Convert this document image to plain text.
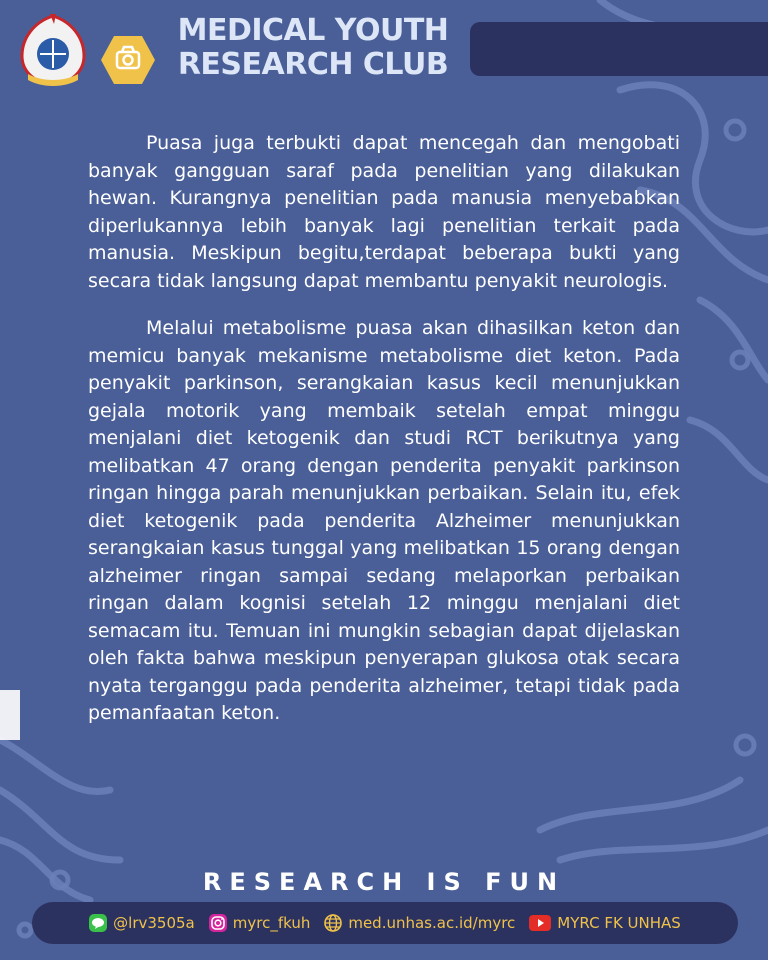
MEDICAL YOUTH
RESEARCH CLUB

Puasa juga terbukti dapat mencegah dan mengobati banyak gangguan saraf pada penelitian yang dilakukan hewan. Kurangnya penelitian pada manusia menyebabkan diperlukannya lebih banyak lagi penelitian terkait pada manusia. Meskipun begitu,terdapat beberapa bukti yang secara tidak langsung dapat membantu penyakit neurologis.

Melalui metabolisme puasa akan dihasilkan keton dan memicu banyak mekanisme metabolisme diet keton. Pada penyakit parkinson, serangkaian kasus kecil menunjukkan gejala motorik yang membaik setelah empat minggu menjalani diet ketogenik dan studi RCT berikutnya yang melibatkan 47 orang dengan penderita penyakit parkinson ringan hingga parah menunjukkan perbaikan. Selain itu, efek diet ketogenik pada penderita Alzheimer menunjukkan serangkaian kasus tunggal yang melibatkan 15 orang dengan alzheimer ringan sampai sedang melaporkan perbaikan ringan dalam kognisi setelah 12 minggu menjalani diet semacam itu. Temuan ini mungkin sebagian dapat dijelaskan oleh fakta bahwa meskipun penyerapan glukosa otak secara nyata terganggu pada penderita alzheimer, tetapi tidak pada pemanfaatan keton.

RESEARCH IS FUN
@lrv3505a	myrc_fkuh	med.unhas.ac.id/myrc	MYRC FK UNHAS
